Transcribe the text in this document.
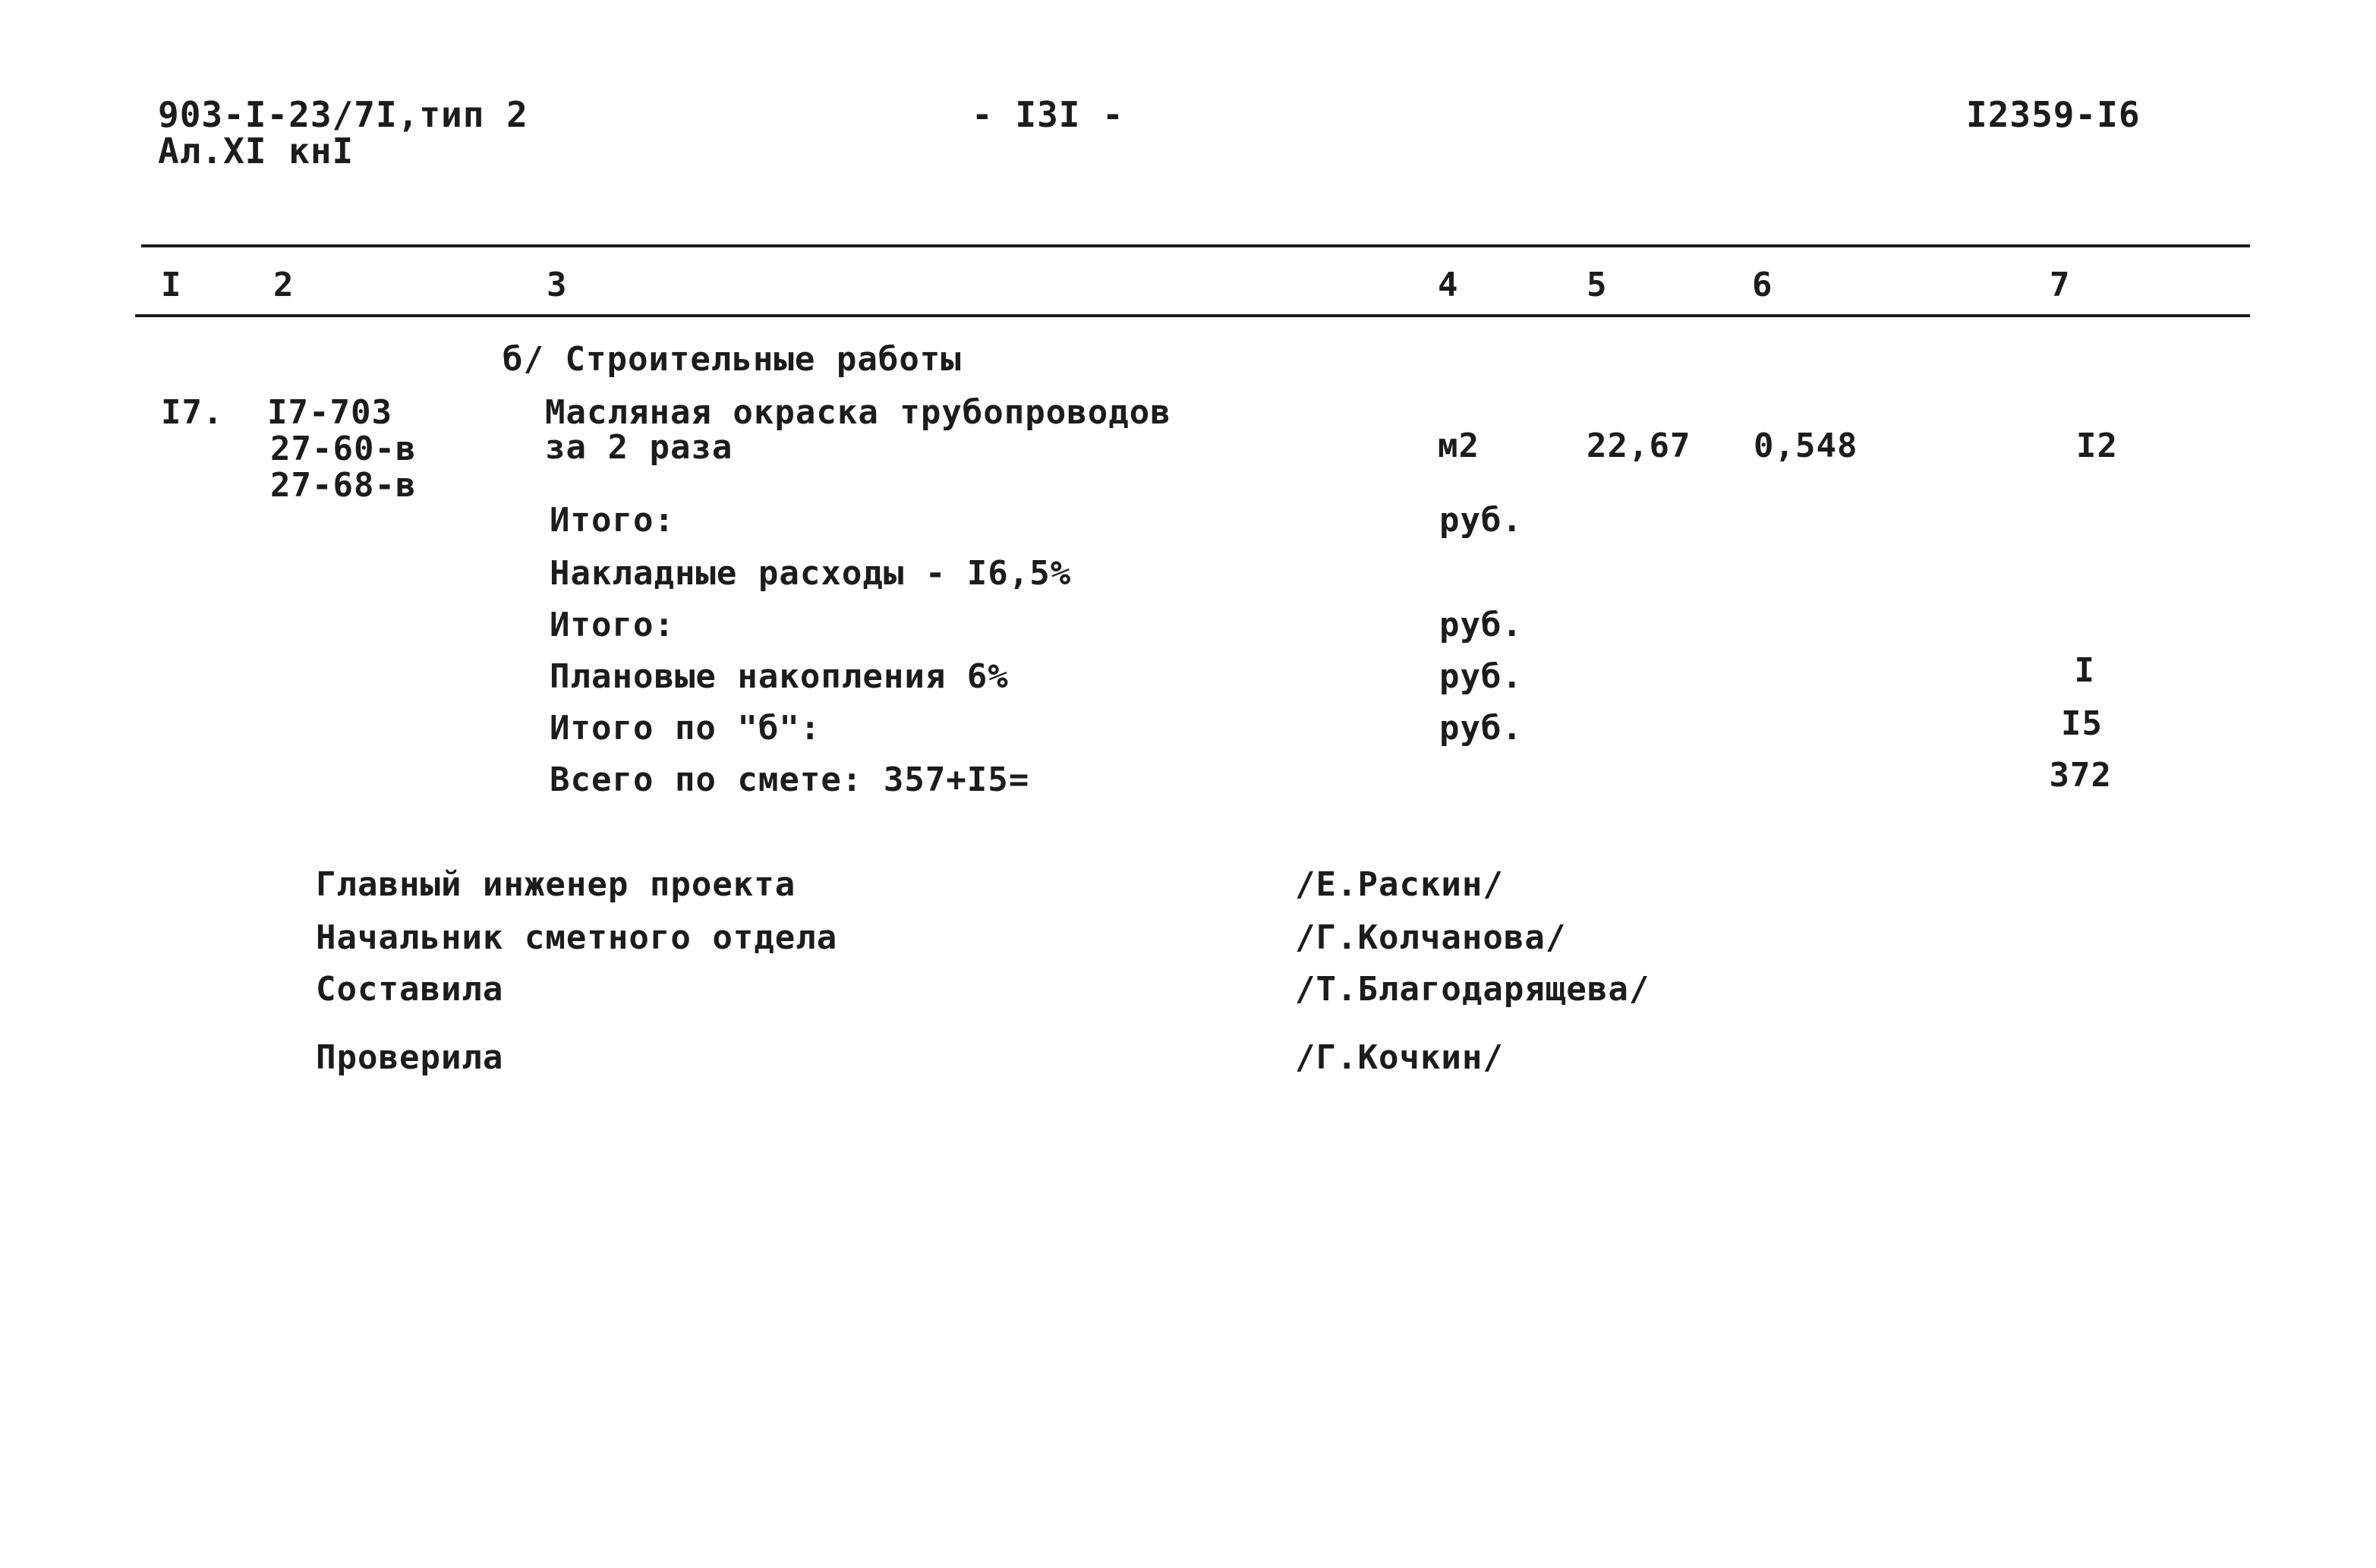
903-I-23/7I,тип 2
Ал.XI кнI
- I3I -	I2359-I6
I	2	3	4	5	6	7
б/ Строительные работы
I7. I7-703
27-60-в
27-68-в
Масляная окраска трубопроводов
за 2 раза	м2	22,67 0,548	I2
Итого:	руб.
Накладные расходы - I6,5%
Итого:	руб.
Плановые накопления 6%	руб.	I
Итого по "б":	руб.	I5
Всего по смете: 357+I5=	372
Главный инженер проекта	/Е.Раскин/
Начальник сметного отдела	/Г.Колчанова/
Составила	/Т.Благодарящева/
Проверила	/Г.Кочкин/
